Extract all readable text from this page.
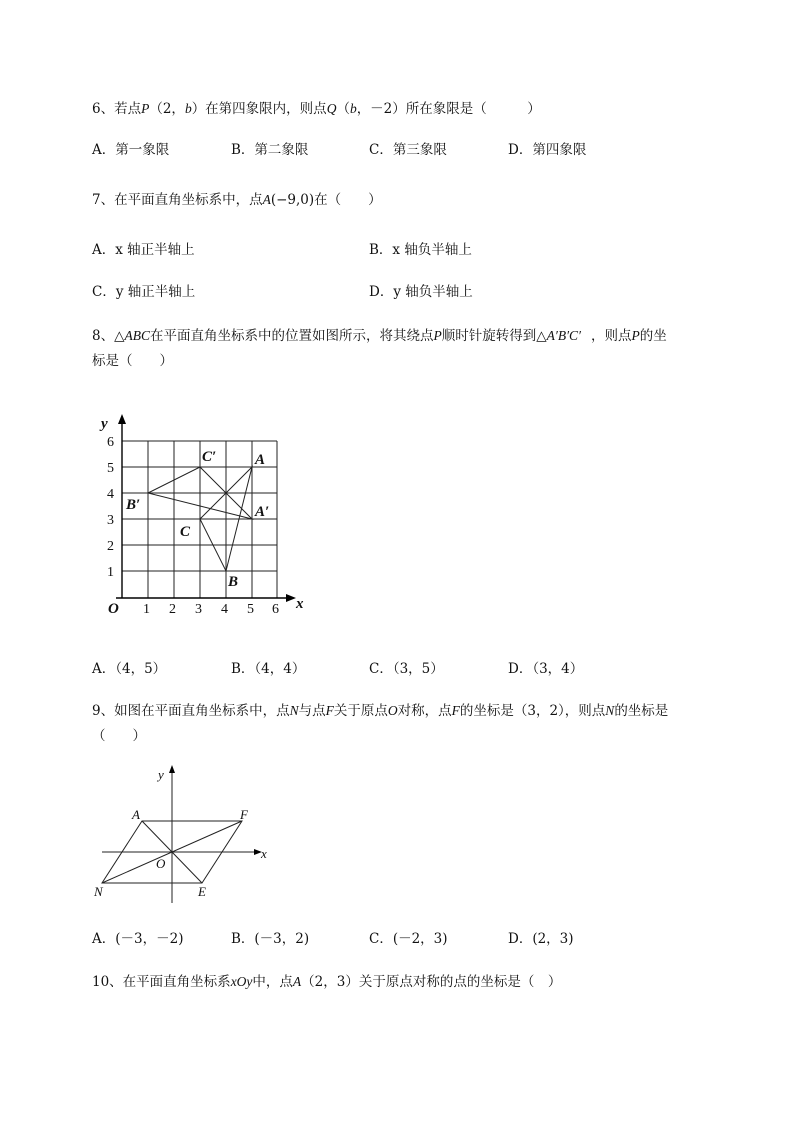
6、若点P（2，b）在第四象限内，则点Q（b，－2）所在象限是（　　　）
A．第一象限	B．第二象限	C．第三象限	D．第四象限
7、在平面直角坐标系中，点A(−9,0)在（　　）
A．x 轴正半轴上	B．x 轴负半轴上
C．y 轴正半轴上	D．y 轴负半轴上
8、△ABC在平面直角坐标系中的位置如图所示，将其绕点P顺时针旋转得到△A′B′C′ ，则点P的坐
标是（　　）
1 2 3 4 5 6
1
2
3
4
5
6
y
x
O
A
B
C
A′
B′
C′
A．（4，5）	B．（4，4）	C．（3，5）	D．（3，4）
9、如图在平面直角坐标系中，点N与点F关于原点O对称，点F的坐标是（3，2），则点N的坐标是
（　　）
y
x
A	F
O
N	E
A．(－3，－2)	B．(－3，2)	C．(－2，3)	D．(2，3)
10、在平面直角坐标系xOy中，点A（2，3）关于原点对称的点的坐标是（　）
